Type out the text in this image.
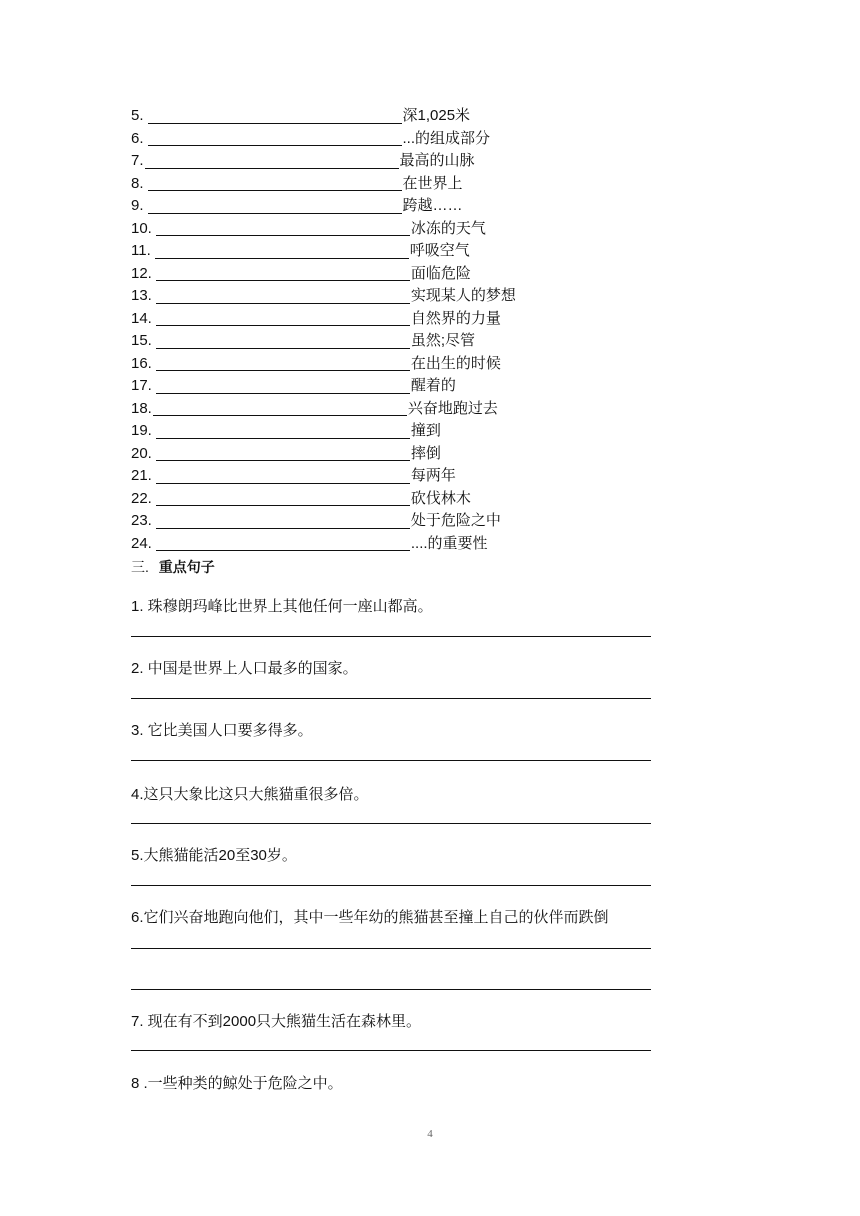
5.	深1,025米
6.	...的组成部分
7.	最高的山脉
8.	在世界上
9.	跨越……
10.	冰冻的天气
11.	呼吸空气
12.	面临危险
13.	实现某人的梦想
14.	自然界的力量
15.	虽然;尽管
16.	在出生的时候
17.	醒着的
18.	兴奋地跑过去
19.	撞到
20.	摔倒
21.	每两年
22.	砍伐林木
23.	处于危险之中
24.	....的重要性
三. 重点句子
1. 珠穆朗玛峰比世界上其他任何一座山都高。
2. 中国是世界上人口最多的国家。
3. 它比美国人口要多得多。
4.这只大象比这只大熊猫重很多倍。
5.大熊猫能活20至30岁。
6.它们兴奋地跑向他们，其中一些年幼的熊猫甚至撞上自己的伙伴而跌倒
7. 现在有不到2000只大熊猫生活在森林里。
8 .一些种类的鲸处于危险之中。
4
